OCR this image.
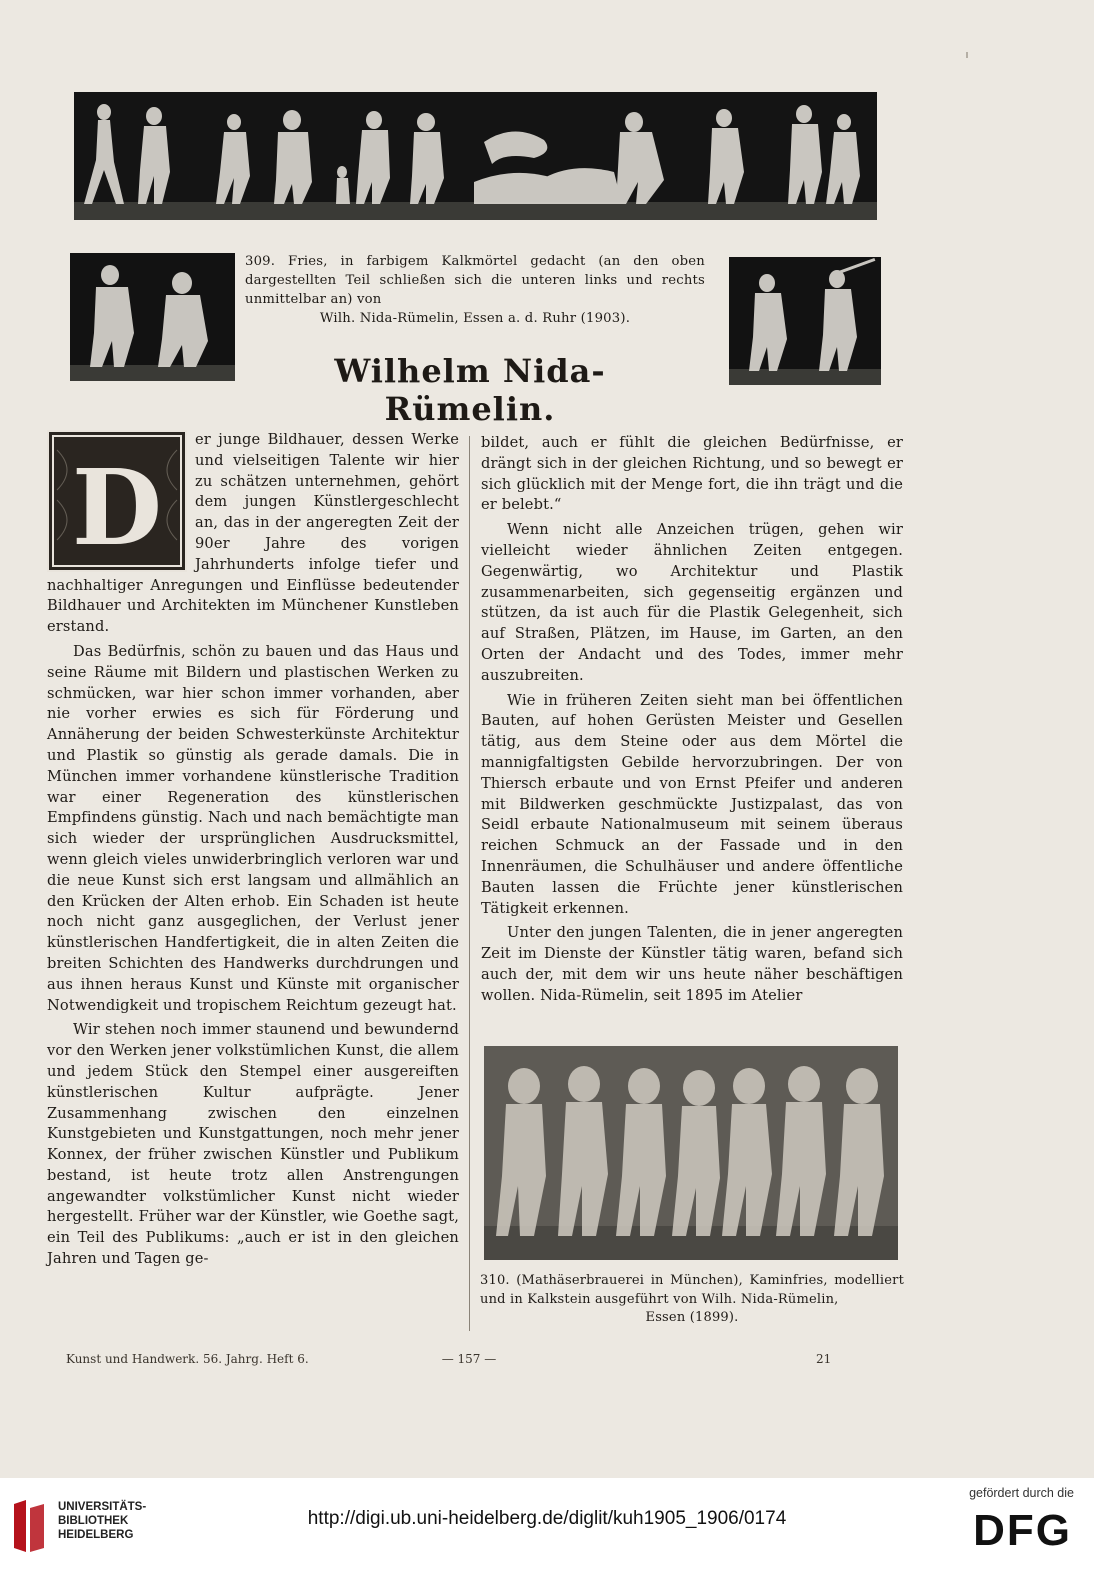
309. Fries, in farbigem Kalkmörtel gedacht (an den oben dargestellten Teil schließen sich die unteren links und rechts unmittelbar an) von
Wilh. Nida-Rümelin, Essen a. d. Ruhr (1903).
Wilhelm Nida-Rümelin.
D

er junge Bildhauer, dessen Werke und vielseitigen Talente wir hier zu schätzen unternehmen, gehört dem jungen Künstlergeschlecht an, das in der angeregten Zeit der 90er Jahre des vorigen Jahrhunderts infolge tiefer und nachhaltiger Anregungen und Einflüsse bedeutender Bildhauer und Architekten im Münchener Kunstleben erstand.

Das Bedürfnis, schön zu bauen und das Haus und seine Räume mit Bildern und plastischen Werken zu schmücken, war hier schon immer vorhanden, aber nie vorher erwies es sich für Förderung und Annäherung der beiden Schwesterkünste Architektur und Plastik so günstig als gerade damals. Die in München immer vorhandene künstlerische Tradition war einer Regeneration des künstlerischen Empfindens günstig. Nach und nach bemächtigte man sich wieder der ursprünglichen Ausdrucksmittel, wenn gleich vieles unwiderbringlich verloren war und die neue Kunst sich erst langsam und allmählich an den Krücken der Alten erhob. Ein Schaden ist heute noch nicht ganz ausgeglichen, der Verlust jener künstlerischen Handfertigkeit, die in alten Zeiten die breiten Schichten des Handwerks durchdrungen und aus ihnen heraus Kunst und Künste mit organischer Notwendigkeit und tropischem Reichtum gezeugt hat.

Wir stehen noch immer staunend und bewundernd vor den Werken jener volkstümlichen Kunst, die allem und jedem Stück den Stempel einer ausgereiften künstlerischen Kultur aufprägte. Jener Zusammenhang zwischen den einzelnen Kunstgebieten und Kunstgattungen, noch mehr jener Konnex, der früher zwischen Künstler und Publikum bestand, ist heute trotz allen Anstrengungen angewandter volkstümlicher Kunst nicht wieder hergestellt. Früher war der Künstler, wie Goethe sagt, ein Teil des Publikums: „auch er ist in den gleichen Jahren und Tagen ge-

bildet, auch er fühlt die gleichen Bedürfnisse, er drängt sich in der gleichen Richtung, und so bewegt er sich glücklich mit der Menge fort, die ihn trägt und die er belebt.“

Wenn nicht alle Anzeichen trügen, gehen wir vielleicht wieder ähnlichen Zeiten entgegen. Gegenwärtig, wo Architektur und Plastik zusammenarbeiten, sich gegenseitig ergänzen und stützen, da ist auch für die Plastik Gelegenheit, sich auf Straßen, Plätzen, im Hause, im Garten, an den Orten der Andacht und des Todes, immer mehr auszubreiten.

Wie in früheren Zeiten sieht man bei öffentlichen Bauten, auf hohen Gerüsten Meister und Gesellen tätig, aus dem Steine oder aus dem Mörtel die mannigfaltigsten Gebilde hervorzubringen. Der von Thiersch erbaute und von Ernst Pfeifer und anderen mit Bildwerken geschmückte Justizpalast, das von Seidl erbaute Nationalmuseum mit seinem überaus reichen Schmuck an der Fassade und in den Innenräumen, die Schulhäuser und andere öffentliche Bauten lassen die Früchte jener künstlerischen Tätigkeit erkennen.

Unter den jungen Talenten, die in jener angeregten Zeit im Dienste der Künstler tätig waren, befand sich auch der, mit dem wir uns heute näher beschäftigen wollen. Nida-Rümelin, seit 1895 im Atelier

310. (Mathäserbrauerei in München), Kaminfries, modelliert und in Kalkstein ausgeführt von Wilh. Nida-Rümelin,
Essen (1899).
Kunst und Handwerk. 56. Jahrg. Heft 6.	— 157 —	21
UNIVERSITÄTS-
BIBLIOTHEK
HEIDELBERG
http://digi.ub.uni-heidelberg.de/diglit/kuh1905_1906/0174
gefördert durch die
DFG
